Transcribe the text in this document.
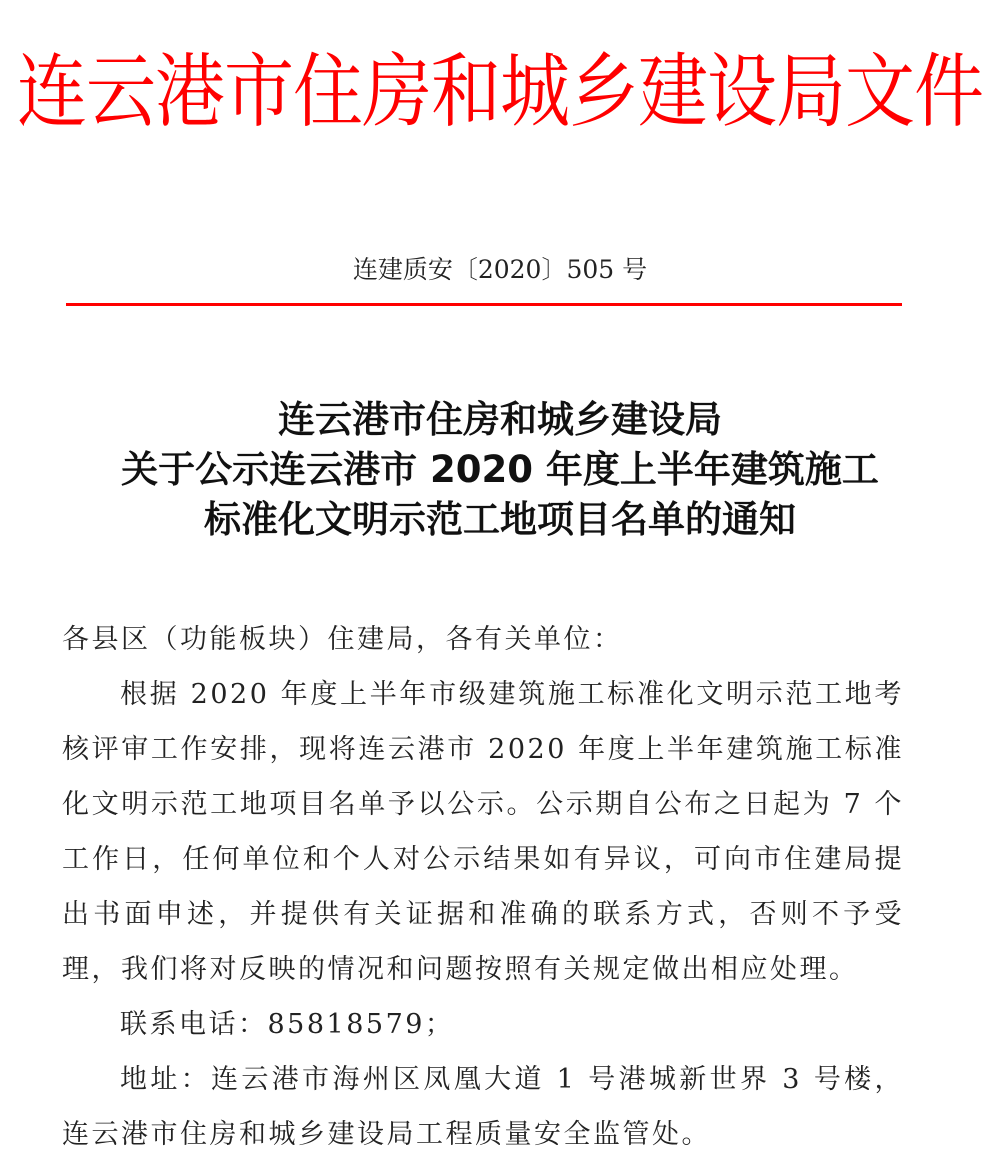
连云港市住房和城乡建设局文件
连建质安〔2020〕505 号
连云港市住房和城乡建设局
关于公示连云港市 2020 年度上半年建筑施工
标准化文明示范工地项目名单的通知

各县区（功能板块）住建局，各有关单位：

根据 2020 年度上半年市级建筑施工标准化文明示范工地考核评审工作安排，现将连云港市 2020 年度上半年建筑施工标准化文明示范工地项目名单予以公示。公示期自公布之日起为 7 个工作日，任何单位和个人对公示结果如有异议，可向市住建局提出书面申述，并提供有关证据和准确的联系方式，否则不予受理，我们将对反映的情况和问题按照有关规定做出相应处理。

联系电话：85818579；

地址：连云港市海州区凤凰大道 1 号港城新世界 3 号楼，连云港市住房和城乡建设局工程质量安全监管处。
